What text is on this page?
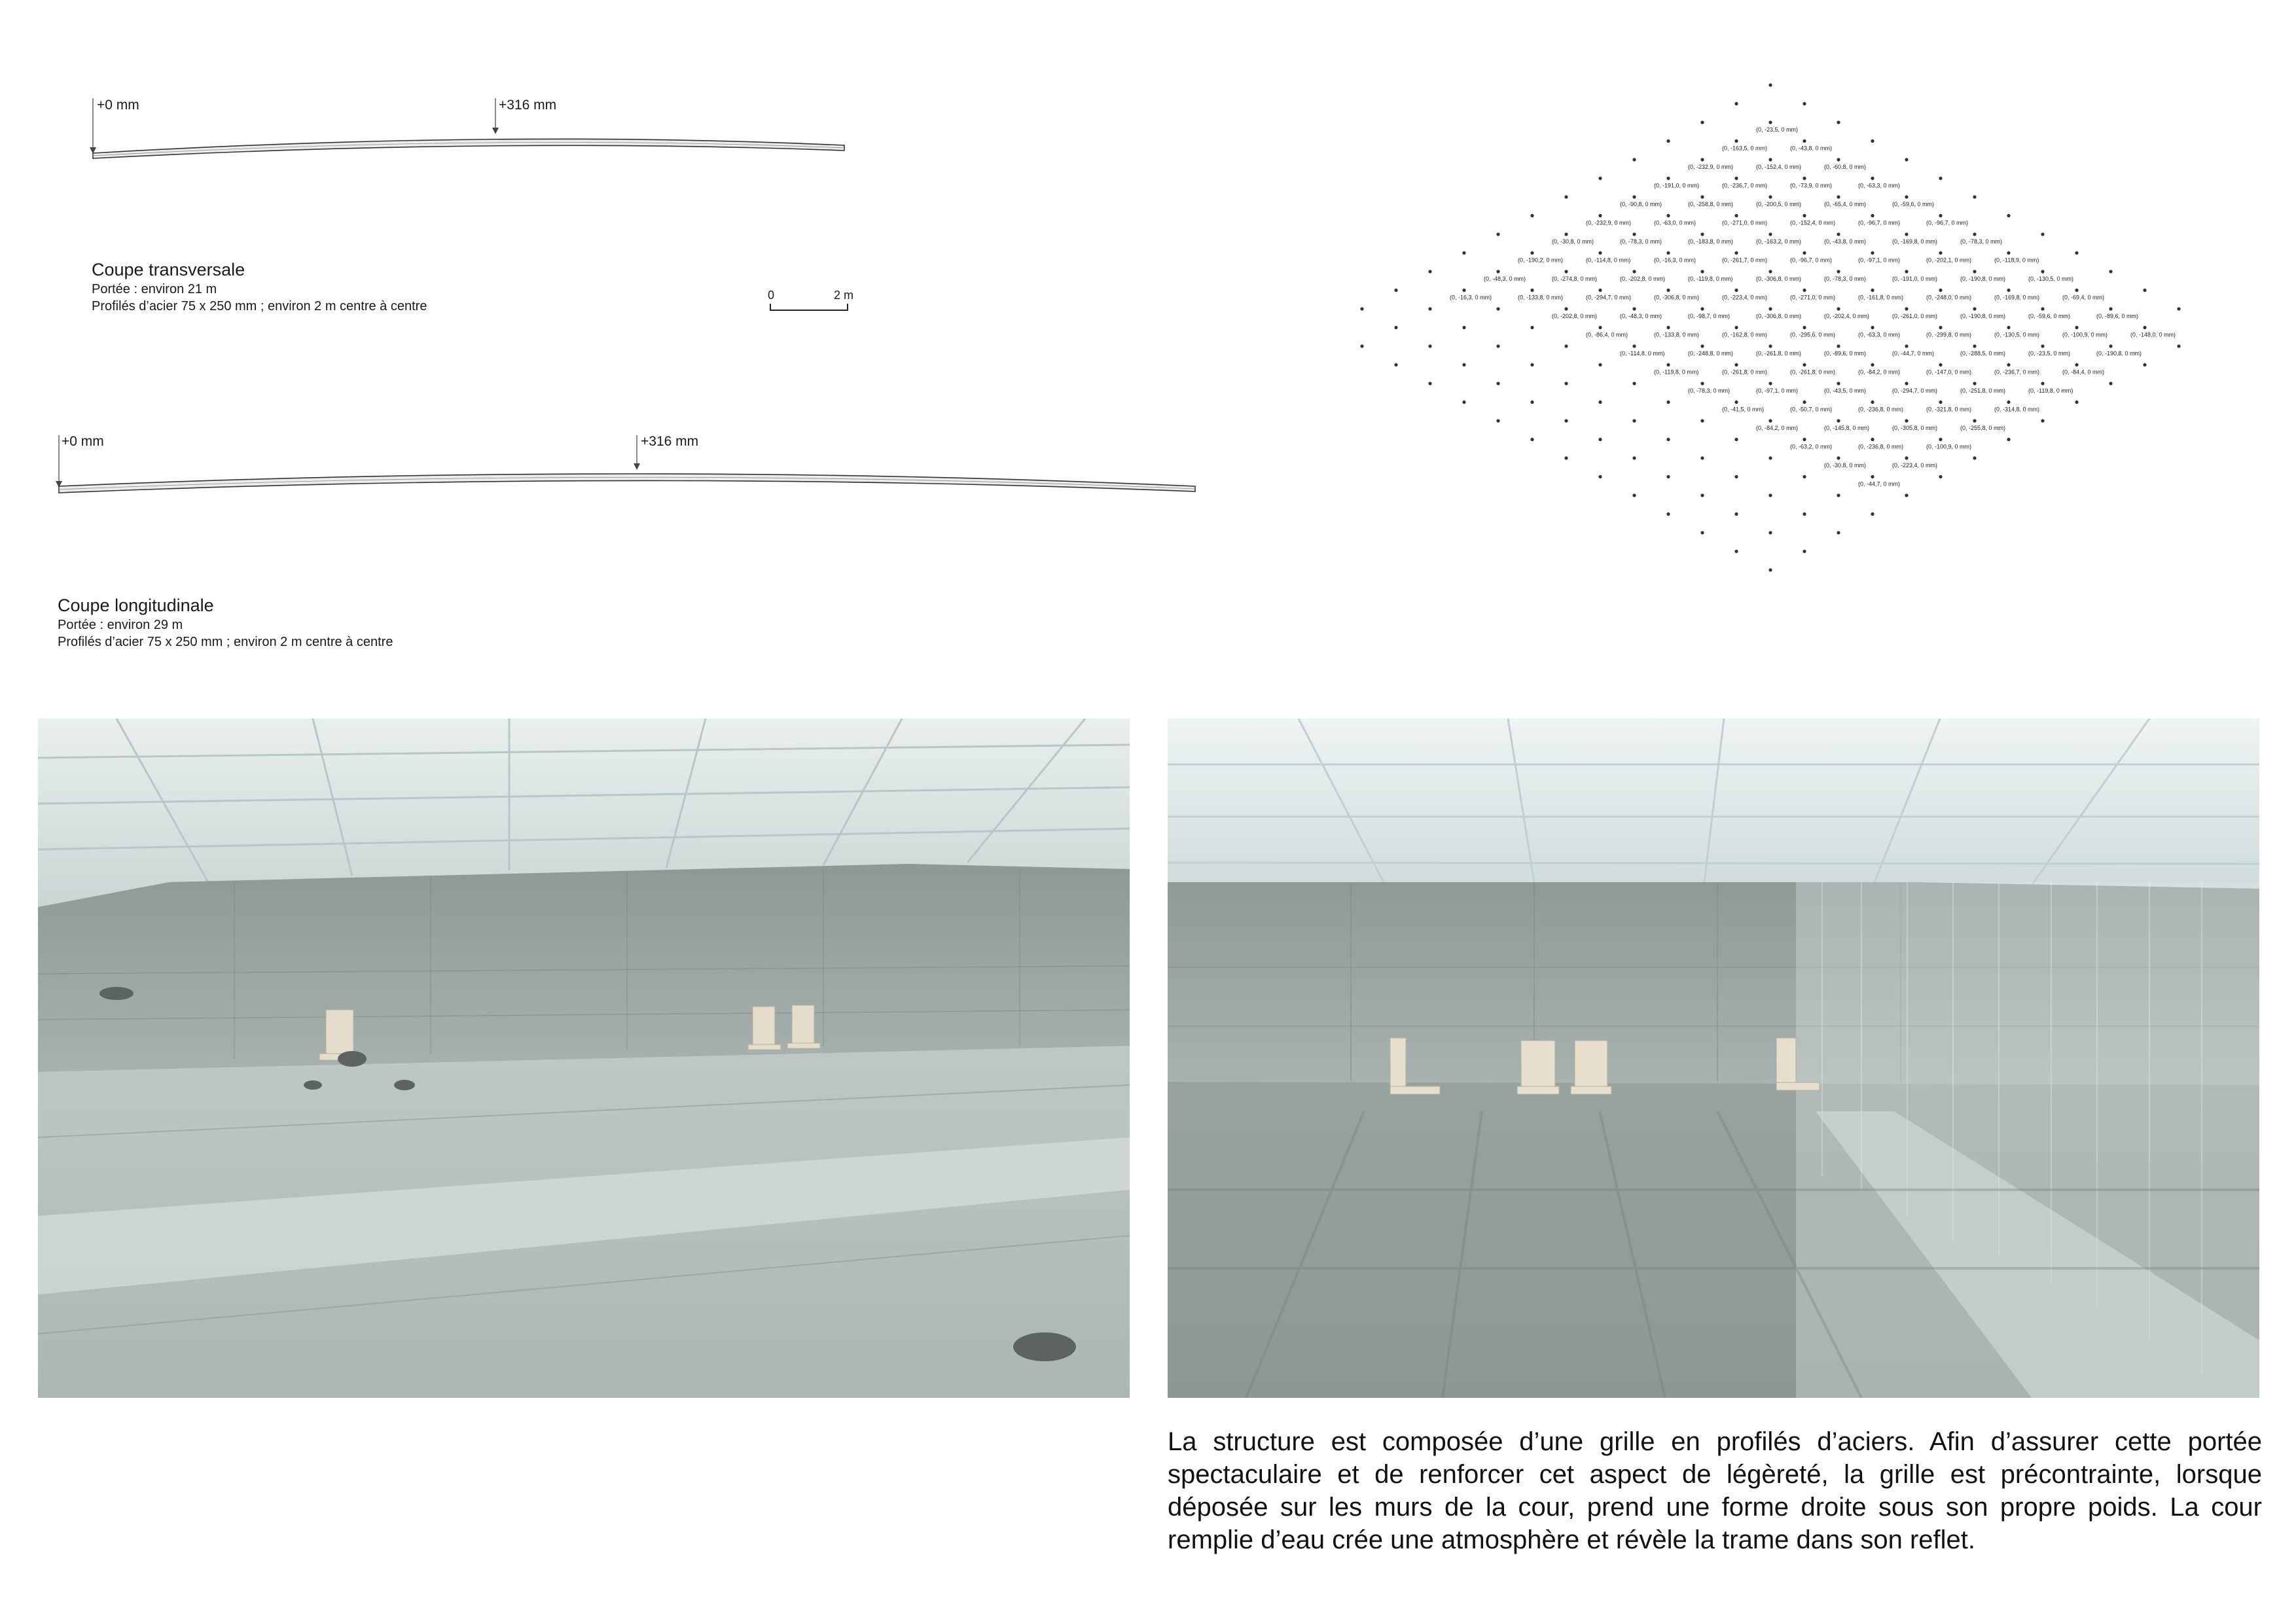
+0 mm	+316 mm
Coupe transversale
Portée : environ 21 m
Profilés d’acier 75 x 250 mm ; environ 2 m centre à centre
0	2 m
+0 mm	+316 mm
Coupe longitudinale
Portée : environ 29 m
Profilés d’acier 75 x 250 mm ; environ 2 m centre à centre
(0, -23,5, 0 mm)
(0, -43,8, 0 mm)
(0, -60,8, 0 mm)
(0, -63,3, 0 mm)
(0, -59,6, 0 mm)
(0, -96,7, 0 mm)
(0, -78,3, 0 mm)
(0, -118,9, 0 mm)
(0, -130,5, 0 mm)
(0, -69,4, 0 mm)
(0, -89,6, 0 mm)
(0, -148,0, 0 mm)
(0, -163,5, 0 mm)
(0, -152,4, 0 mm)
(0, -73,9, 0 mm)
(0, -65,4, 0 mm)
(0, -96,7, 0 mm)
(0, -169,8, 0 mm)
(0, -202,1, 0 mm)
(0, -190,8, 0 mm)
(0, -169,8, 0 mm)
(0, -59,6, 0 mm)
(0, -100,9, 0 mm)
(0, -190,8, 0 mm)
(0, -232,9, 0 mm)
(0, -236,7, 0 mm)
(0, -200,5, 0 mm)
(0, -152,4, 0 mm)
(0, -43,8, 0 mm)
(0, -97,1, 0 mm)
(0, -191,0, 0 mm)
(0, -248,0, 0 mm)
(0, -190,8, 0 mm)
(0, -130,5, 0 mm)
(0, -23,5, 0 mm)
(0, -84,4, 0 mm)
(0, -191,0, 0 mm)
(0, -258,8, 0 mm)
(0, -271,0, 0 mm)
(0, -163,2, 0 mm)
(0, -96,7, 0 mm)
(0, -78,3, 0 mm)
(0, -161,8, 0 mm)
(0, -261,0, 0 mm)
(0, -299,8, 0 mm)
(0, -288,5, 0 mm)
(0, -236,7, 0 mm)
(0, -119,8, 0 mm)
(0, -90,8, 0 mm)
(0, -63,0, 0 mm)
(0, -183,8, 0 mm)
(0, -261,7, 0 mm)
(0, -306,8, 0 mm)
(0, -271,0, 0 mm)
(0, -202,4, 0 mm)
(0, -63,3, 0 mm)
(0, -44,7, 0 mm)
(0, -147,0, 0 mm)
(0, -251,8, 0 mm)
(0, -314,8, 0 mm)
(0, -232,9, 0 mm)
(0, -78,3, 0 mm)
(0, -16,3, 0 mm)
(0, -119,8, 0 mm)
(0, -223,4, 0 mm)
(0, -306,8, 0 mm)
(0, -295,6, 0 mm)
(0, -89,6, 0 mm)
(0, -84,2, 0 mm)
(0, -294,7, 0 mm)
(0, -321,8, 0 mm)
(0, -255,8, 0 mm)
(0, -30,8, 0 mm)
(0, -114,8, 0 mm)
(0, -202,8, 0 mm)
(0, -306,8, 0 mm)
(0, -98,7, 0 mm)
(0, -162,8, 0 mm)
(0, -261,8, 0 mm)
(0, -261,8, 0 mm)
(0, -43,5, 0 mm)
(0, -236,8, 0 mm)
(0, -305,8, 0 mm)
(0, -100,9, 0 mm)
(0, -190,2, 0 mm)
(0, -274,8, 0 mm)
(0, -294,7, 0 mm)
(0, -48,3, 0 mm)
(0, -133,8, 0 mm)
(0, -248,8, 0 mm)
(0, -261,8, 0 mm)
(0, -97,1, 0 mm)
(0, -50,7, 0 mm)
(0, -145,8, 0 mm)
(0, -236,8, 0 mm)
(0, -223,4, 0 mm)
(0, -48,3, 0 mm)
(0, -133,8, 0 mm)
(0, -202,8, 0 mm)
(0, -86,4, 0 mm)
(0, -114,8, 0 mm)
(0, -119,8, 0 mm)
(0, -78,3, 0 mm)
(0, -41,5, 0 mm)
(0, -84,2, 0 mm)
(0, -63,2, 0 mm)
(0, -30,8, 0 mm)
(0, -44,7, 0 mm)
(0, -16,3, 0 mm)
La structure est composée d’une grille en profilés d’aciers. Afin d’assurer cette portée spectaculaire et de renforcer cet aspect de légèreté, la grille est précontrainte, lorsque déposée sur les murs de la cour, prend une forme droite sous son propre poids. La cour remplie d’eau crée une atmosphère et révèle la trame dans son reflet.
